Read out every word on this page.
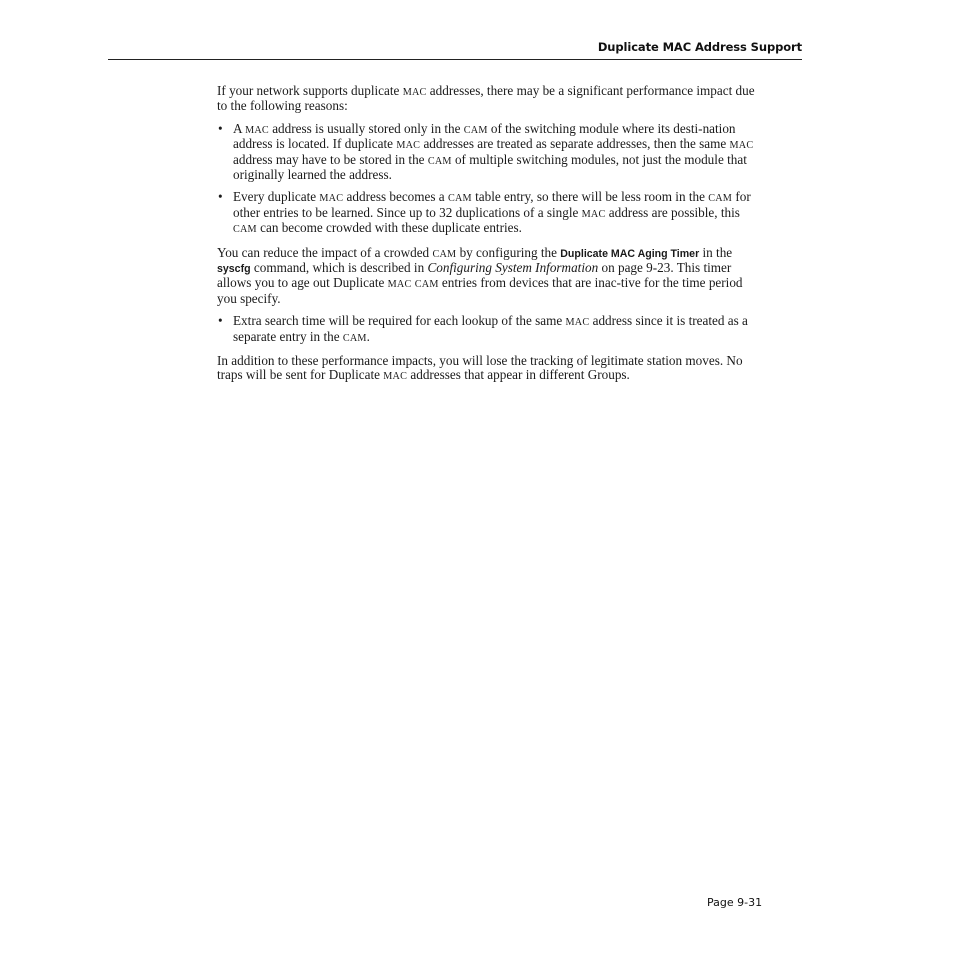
Duplicate MAC Address Support

If your network supports duplicate MAC addresses, there may be a significant performance impact due to the following reasons:

• A MAC address is usually stored only in the CAM of the switching module where its desti-nation address is located. If duplicate MAC addresses are treated as separate addresses, then the same MAC address may have to be stored in the CAM of multiple switching modules, not just the module that originally learned the address.
• Every duplicate MAC address becomes a CAM table entry, so there will be less room in the CAM for other entries to be learned. Since up to 32 duplications of a single MAC address are possible, this CAM can become crowded with these duplicate entries.

You can reduce the impact of a crowded CAM by configuring the Duplicate MAC Aging Timer in the syscfg command, which is described in Configuring System Information on page 9-23. This timer allows you to age out Duplicate MAC CAM entries from devices that are inac-tive for the time period you specify.

• Extra search time will be required for each lookup of the same MAC address since it is treated as a separate entry in the CAM.

In addition to these performance impacts, you will lose the tracking of legitimate station moves. No traps will be sent for Duplicate MAC addresses that appear in different Groups.

Page 9-31
